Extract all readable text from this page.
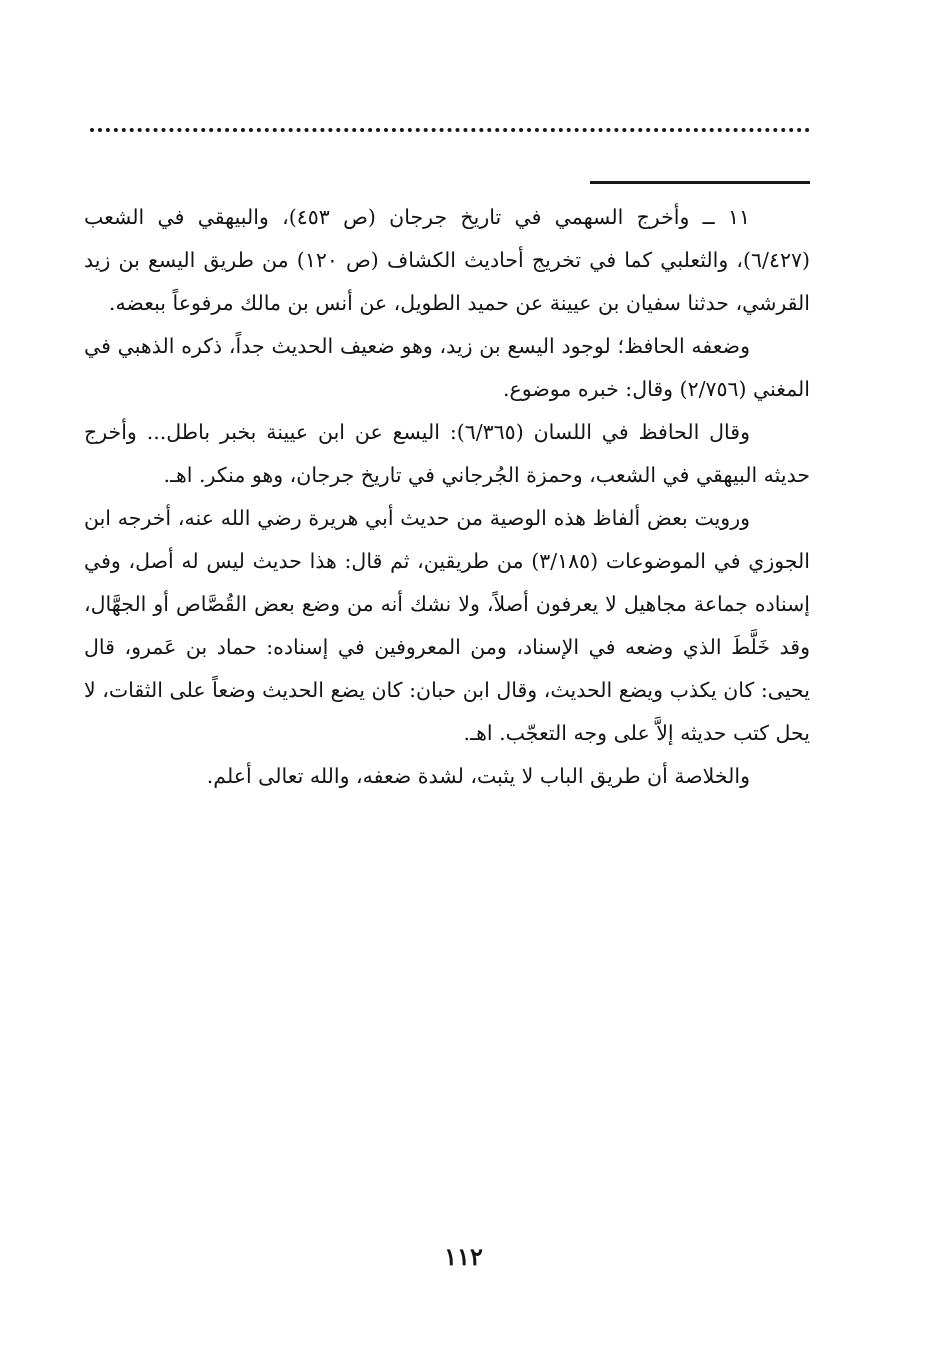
١١ ــ وأخرج السهمي في تاريخ جرجان (ص ٤٥٣)، والبيهقي في الشعب (٦/٤٢٧)، والثعلبي كما في تخريج أحاديث الكشاف (ص ١٢٠) من طريق اليسع بن زيد القرشي، حدثنا سفيان بن عيينة عن حميد الطويل، عن أنس بن مالك مرفوعاً ببعضه.

وضعفه الحافظ؛ لوجود اليسع بن زيد، وهو ضعيف الحديث جداً، ذكره الذهبي في المغني (٢/٧٥٦) وقال: خبره موضوع.

وقال الحافظ في اللسان (٦/٣٦٥): اليسع عن ابن عيينة بخبر باطل... وأخرج حديثه البيهقي في الشعب، وحمزة الجُرجاني في تاريخ جرجان، وهو منكر. اهـ.

ورويت بعض ألفاظ هذه الوصية من حديث أبي هريرة رضي الله عنه، أخرجه ابن الجوزي في الموضوعات (٣/١٨٥) من طريقين، ثم قال: هذا حديث ليس له أصل، وفي إسناده جماعة مجاهيل لا يعرفون أصلاً، ولا نشك أنه من وضع بعض القُصَّاص أو الجهَّال، وقد خَلَّطَ الذي وضعه في الإسناد، ومن المعروفين في إسناده: حماد بن عَمرو، قال يحيى: كان يكذب ويضع الحديث، وقال ابن حبان: كان يضع الحديث وضعاً على الثقات، لا يحل كتب حديثه إلاَّ على وجه التعجّب. اهـ.

والخلاصة أن طريق الباب لا يثبت، لشدة ضعفه، والله تعالى أعلم.

١١٢
